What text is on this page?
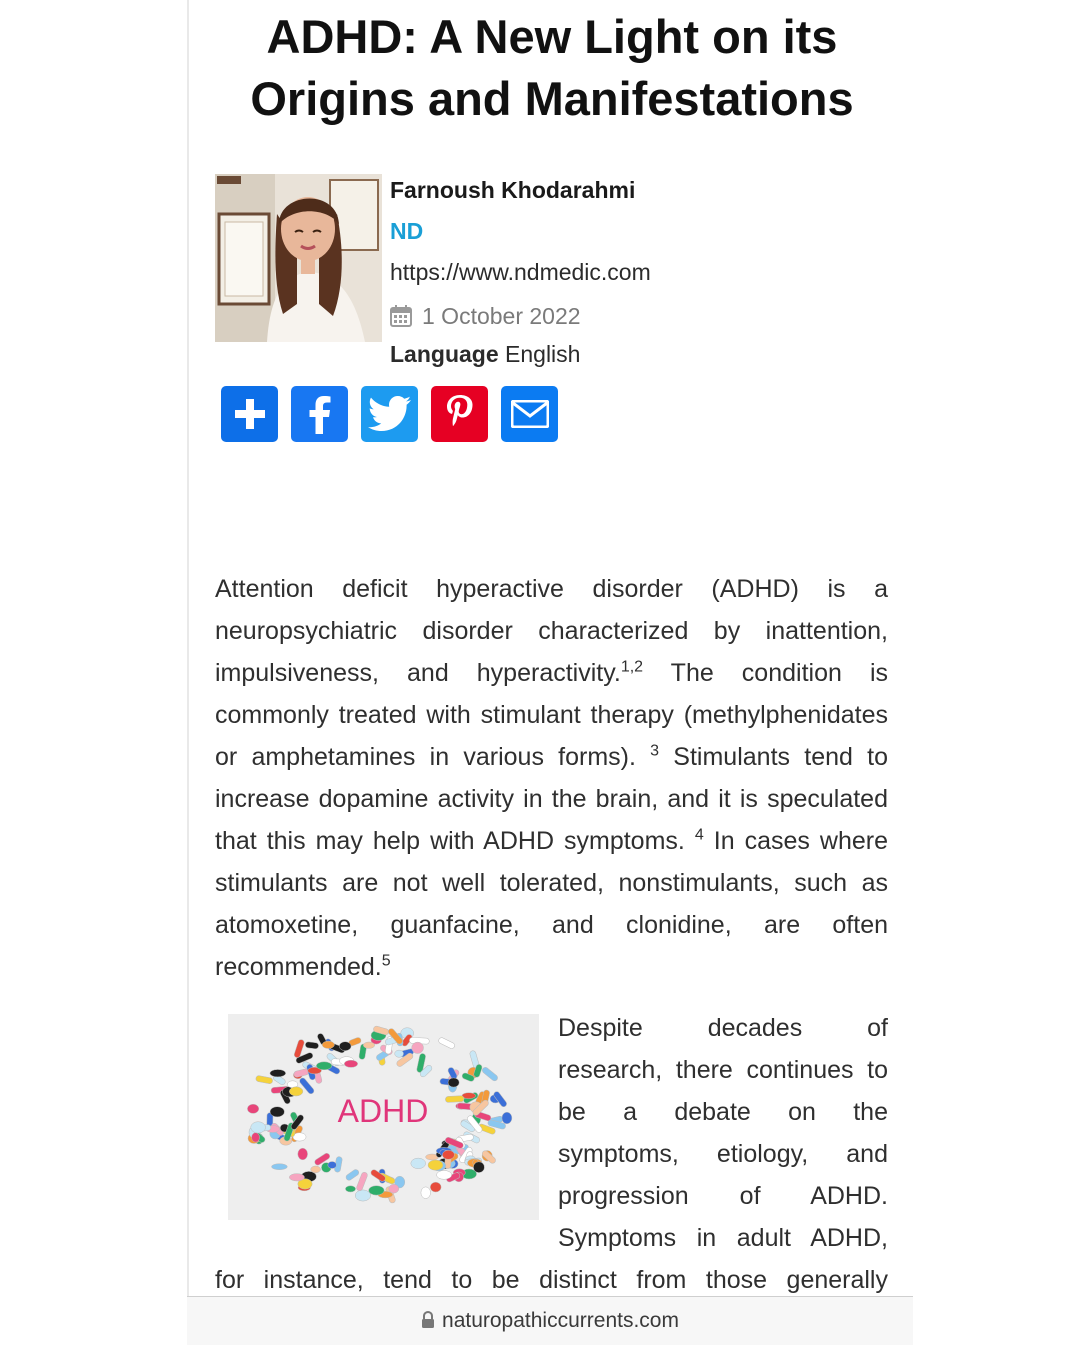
ADHD: A New Light on its
Origins and Manifestations
Farnoush Khodarahmi
ND
https://www.ndmedic.com
1 October 2022
Language English

Attention deficit hyperactive disorder (ADHD) is a neuropsychiatric disorder characterized by inattention, impulsiveness, and hyperactivity.$^{1,2}$ The condition is commonly treated with stimulant therapy (methylphenidates or amphetamines in various forms). $^3$ Stimulants tend to increase dopamine activity in the brain, and it is speculated that this may help with ADHD symptoms. $^4$ In cases where stimulants are not well tolerated, nonstimulants, such as atomoxetine, guanfacine, and clonidine, are often recommended.$^5$

ADHD
Despite decades of
research, there continues to
be a debate on the
symptoms, etiology, and
progression of ADHD.
Symptoms in adult ADHD,
for instance, tend to be distinct from those generally
naturopathiccurrents.com
